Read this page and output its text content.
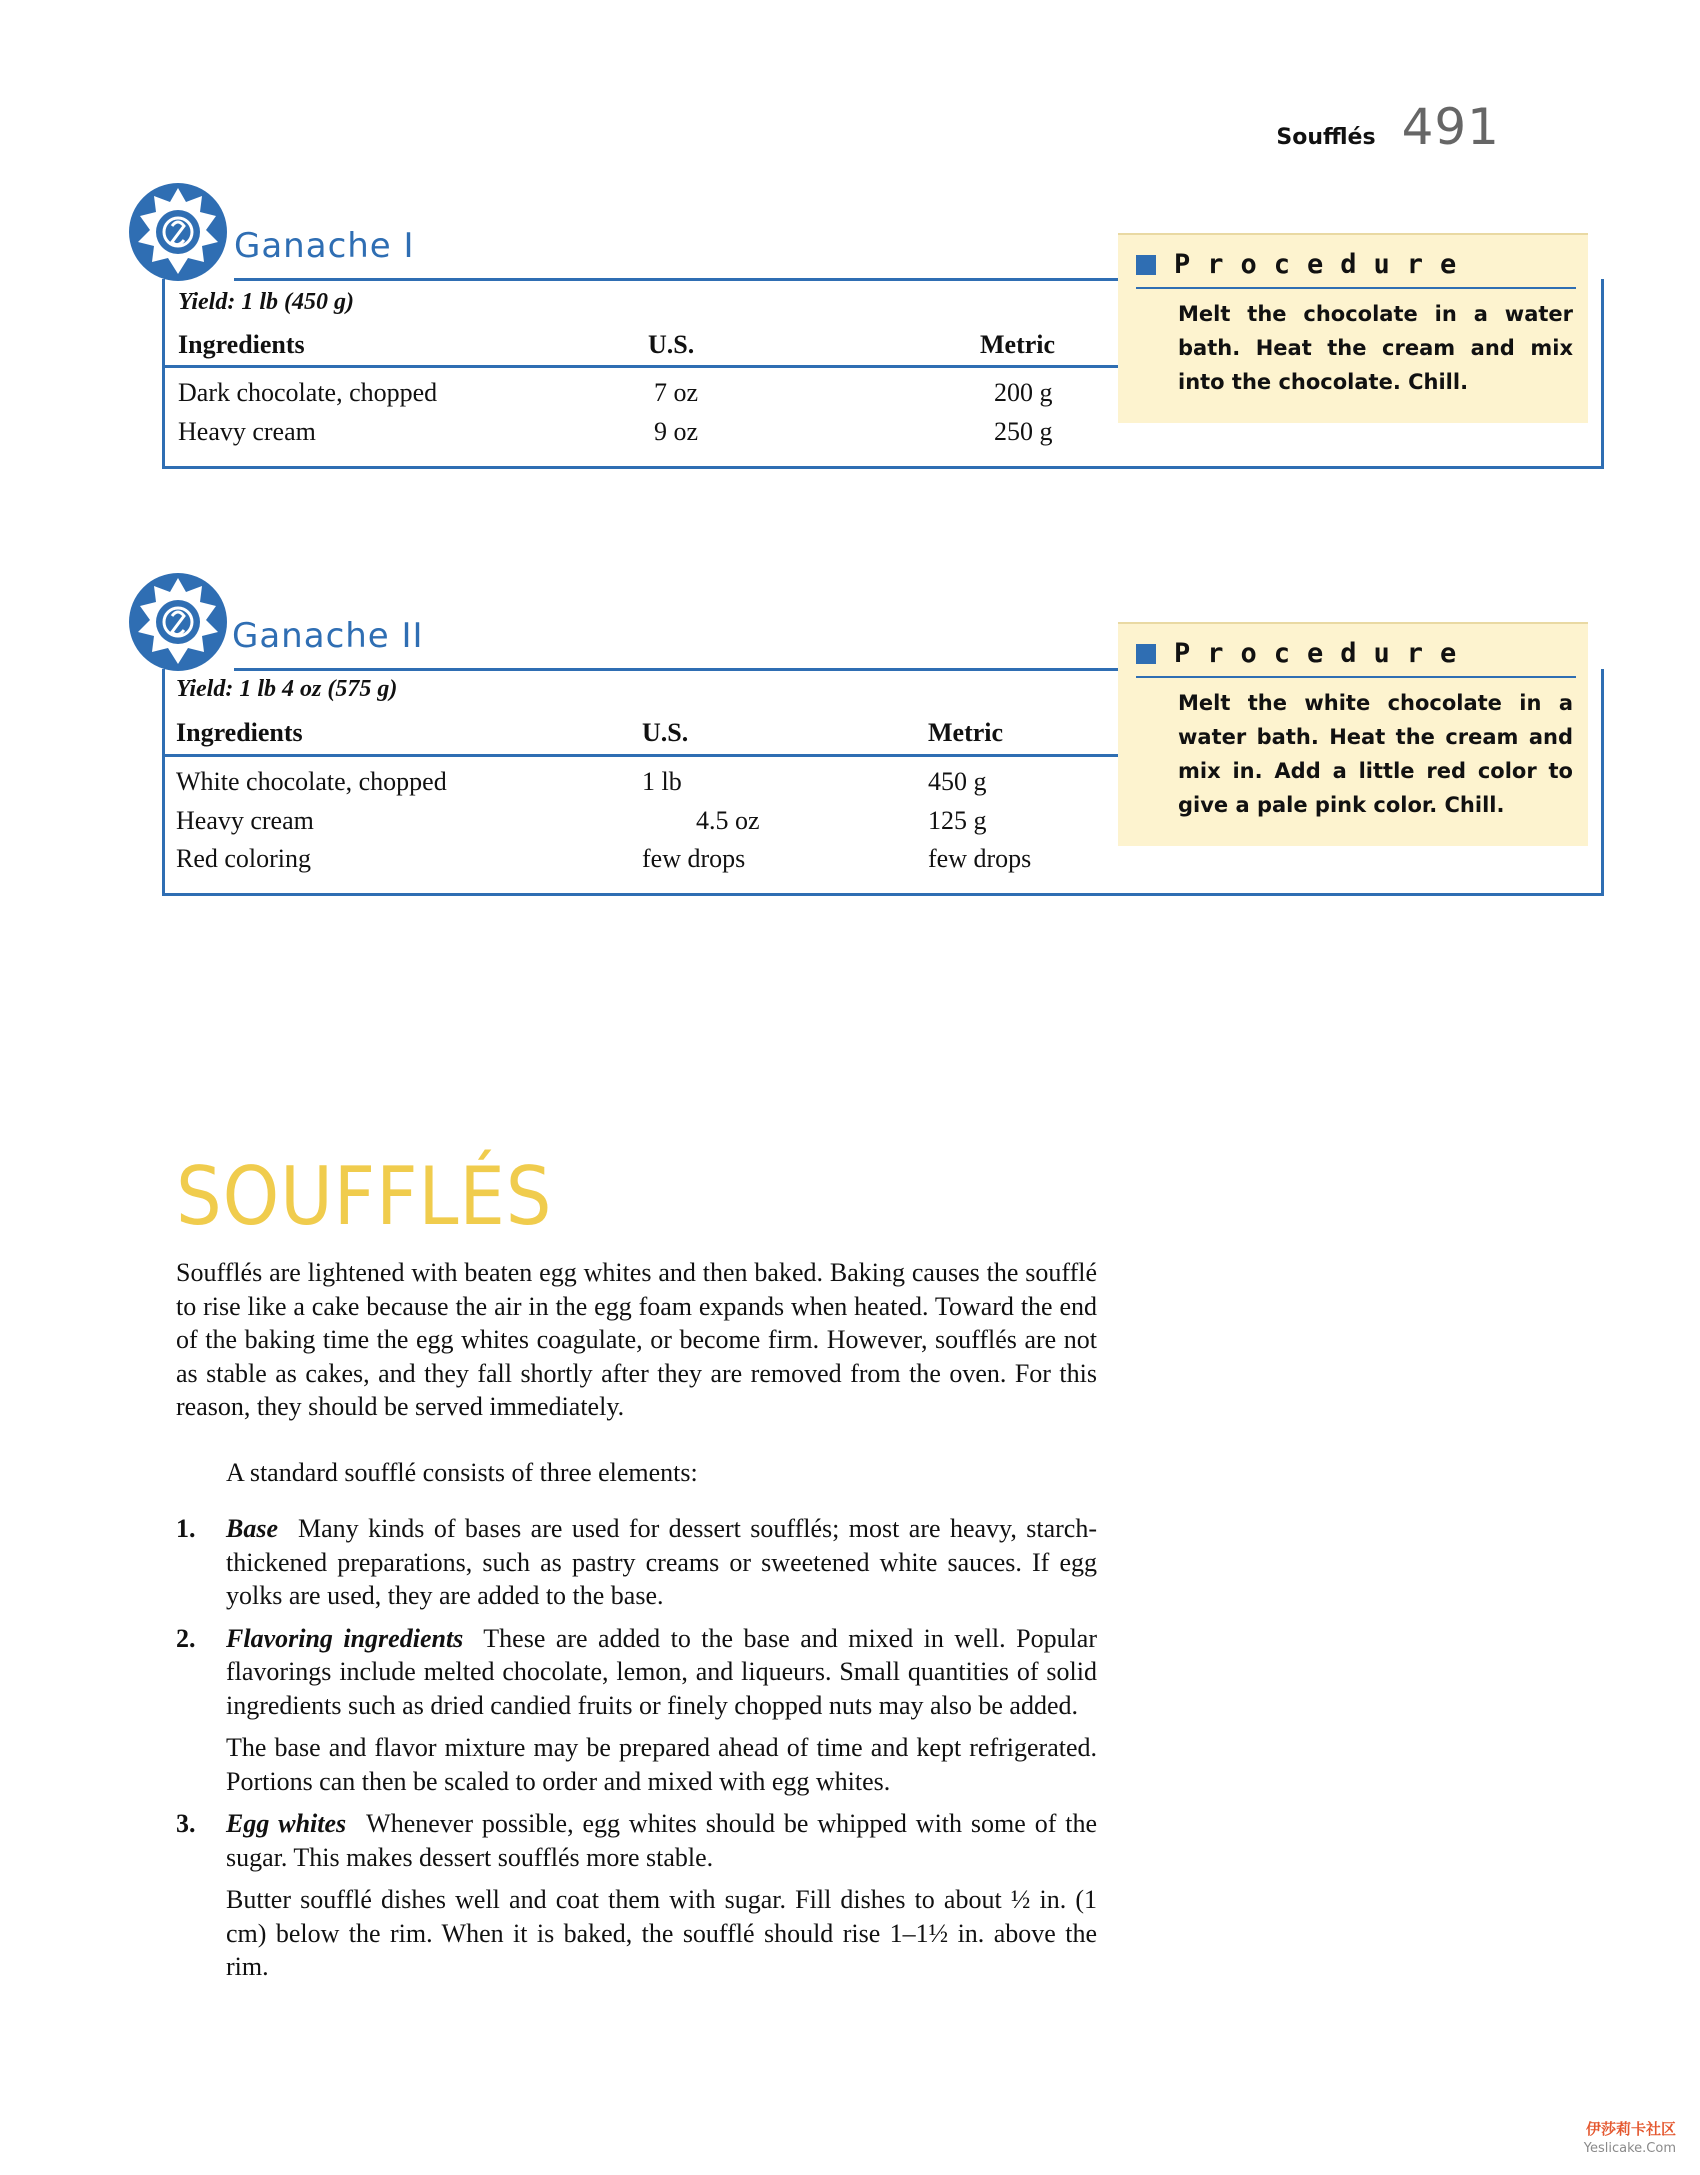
Soufflés 491
Ganache I
Yield: 1 lb (450 g)
Ingredients	U.S.	Metric
Dark chocolate, chopped	7 oz	200 g
Heavy cream	9 oz	250 g
Procedure
Melt the chocolate in a water bath. Heat the cream and mix into the chocolate. Chill.
Ganache II
Yield: 1 lb 4 oz (575 g)
Ingredients	U.S.	Metric
White chocolate, chopped	1 lb	450 g
Heavy cream	4.5 oz	125 g
Red coloring	few drops	few drops
Procedure
Melt the white chocolate in a water bath. Heat the cream and mix in. Add a little red color to give a pale pink color. Chill.
SOUFFLÉS

Soufflés are lightened with beaten egg whites and then baked. Baking causes the soufflé to rise like a cake because the air in the egg foam expands when heated. Toward the end of the baking time the egg whites coagulate, or become firm. However, soufflés are not as stable as cakes, and they fall shortly after they are removed from the oven. For this reason, they should be served immediately.

A standard soufflé consists of three elements:

1. Base Many kinds of bases are used for dessert soufflés; most are heavy, starch-thickened preparations, such as pastry creams or sweetened white sauces. If egg yolks are used, they are added to the base.
2. Flavoring ingredients These are added to the base and mixed in well. Popular flavorings include melted chocolate, lemon, and liqueurs. Small quantities of solid ingredients such as dried candied fruits or finely chopped nuts may also be added.

The base and flavor mixture may be prepared ahead of time and kept refrigerated. Portions can then be scaled to order and mixed with egg whites.

3. Egg whites Whenever possible, egg whites should be whipped with some of the sugar. This makes dessert soufflés more stable.

Butter soufflé dishes well and coat them with sugar. Fill dishes to about ½ in. (1 cm) below the rim. When it is baked, the soufflé should rise 1–1½ in. above the rim.

伊莎莉卡社区
Yeslicake.Com
